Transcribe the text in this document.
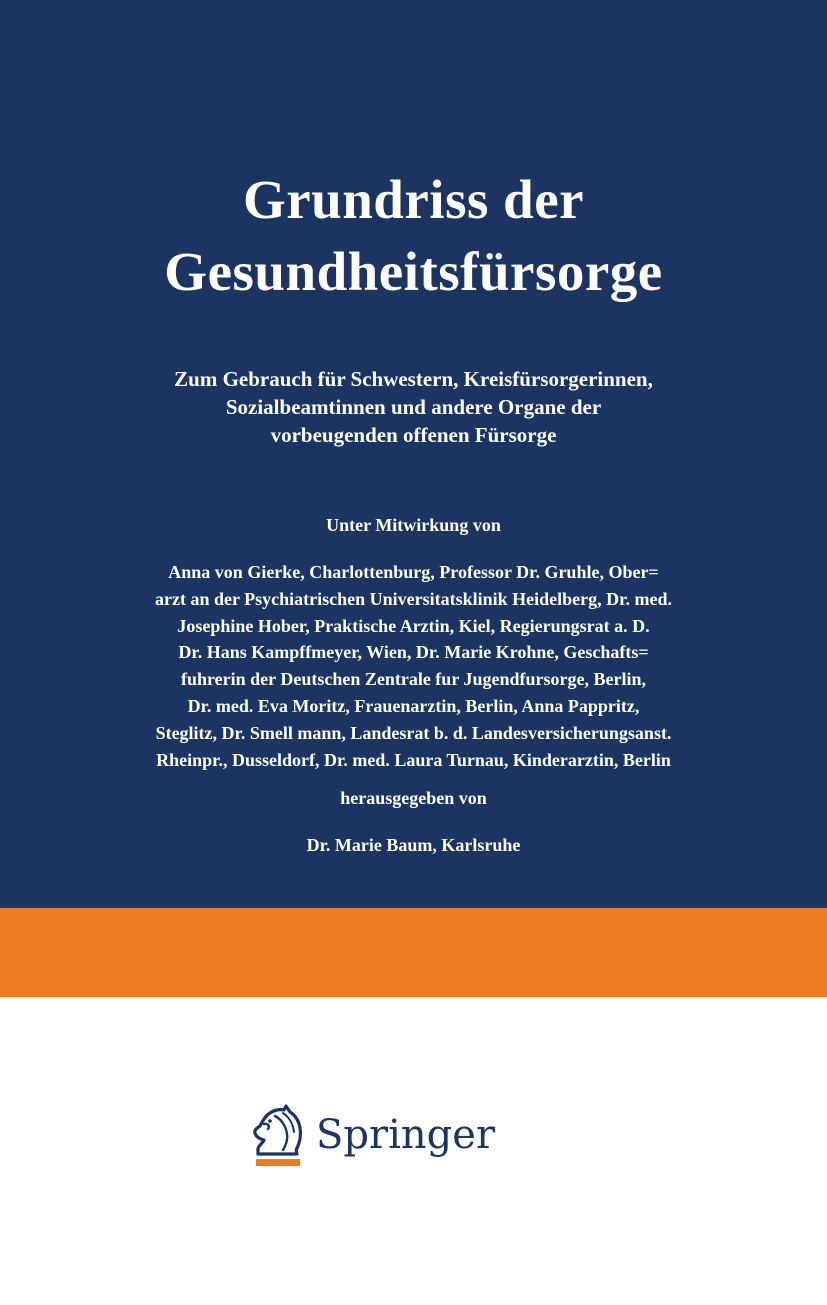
Grundriss der
Gesundheitsfürsorge
Zum Gebrauch für Schwestern, Kreisfürsorgerinnen,
Sozialbeamtinnen und andere Organe der
vorbeugenden offenen Fürsorge
Unter Mitwirkung von
Anna von Gierke, Charlottenburg, Professor Dr. Gruhle, Ober=
arzt an der Psychiatrischen Universitatsklinik Heidelberg, Dr. med.
Josephine Hober, Praktische Arztin, Kiel, Regierungsrat a. D.
Dr. Hans Kampffmeyer, Wien, Dr. Marie Krohne, Geschafts=
fuhrerin der Deutschen Zentrale fur Jugendfursorge, Berlin,
Dr. med. Eva Moritz, Frauenarztin, Berlin, Anna Pappritz,
Steglitz, Dr. Smell mann, Landesrat b. d. Landesversicherungsanst.
Rheinpr., Dusseldorf, Dr. med. Laura Turnau, Kinderarztin, Berlin
herausgegeben von
Dr. Marie Baum, Karlsruhe
Springer
